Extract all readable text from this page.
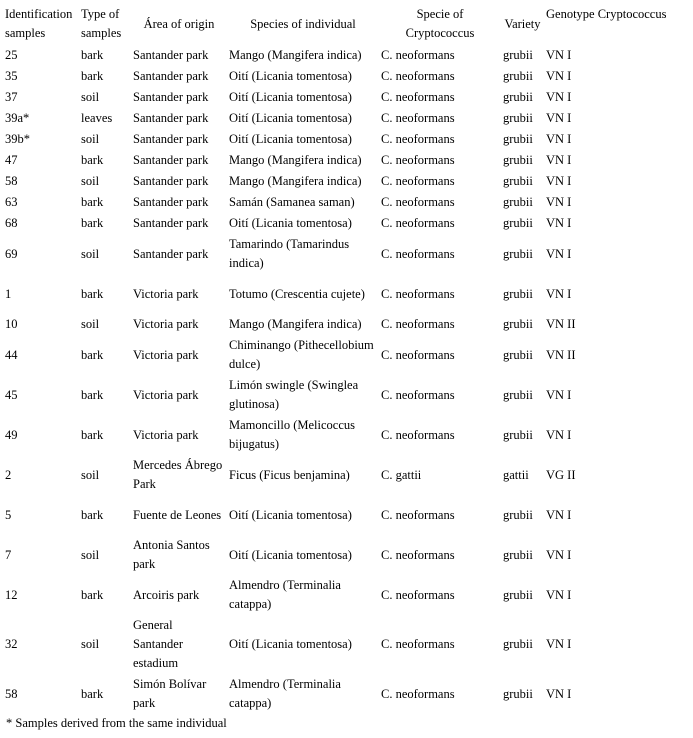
Identification samples	Type of samples	Área of origin	Species of individual	Specie of Cryptococcus	Variety	Genotype Cryptococcus
25	bark	Santander park	Mango (Mangifera indica)	C. neoformans	grubii	VN I
35	bark	Santander park	Oití (Licania tomentosa)	C. neoformans	grubii	VN I
37	soil	Santander park	Oití (Licania tomentosa)	C. neoformans	grubii	VN I
39a*	leaves	Santander park	Oití (Licania tomentosa)	C. neoformans	grubii	VN I
39b*	soil	Santander park	Oití (Licania tomentosa)	C. neoformans	grubii	VN I
47	bark	Santander park	Mango (Mangifera indica)	C. neoformans	grubii	VN I
58	soil	Santander park	Mango (Mangifera indica)	C. neoformans	grubii	VN I
63	bark	Santander park	Samán (Samanea saman)	C. neoformans	grubii	VN I
68	bark	Santander park	Oití (Licania tomentosa)	C. neoformans	grubii	VN I
69	soil	Santander park	Tamarindo (Tamarindus indica)	C. neoformans	grubii	VN I
1	bark	Victoria park	Totumo (Crescentia cujete)	C. neoformans	grubii	VN I
10	soil	Victoria park	Mango (Mangifera indica)	C. neoformans	grubii	VN II
44	bark	Victoria park	Chiminango (Pithecellobium dulce)	C. neoformans	grubii	VN II
45	bark	Victoria park	Limón swingle (Swinglea glutinosa)	C. neoformans	grubii	VN I
49	bark	Victoria park	Mamoncillo (Melicoccus bijugatus)	C. neoformans	grubii	VN I
2	soil	Mercedes Ábrego Park	Ficus (Ficus benjamina)	C. gattii	gattii	VG II
5	bark	Fuente de Leones	Oití (Licania tomentosa)	C. neoformans	grubii	VN I
7	soil	Antonia Santos park	Oití (Licania tomentosa)	C. neoformans	grubii	VN I
12	bark	Arcoiris park	Almendro (Terminalia catappa)	C. neoformans	grubii	VN I
32	soil	General Santander estadium	Oití (Licania tomentosa)	C. neoformans	grubii	VN I
58	bark	Simón Bolívar park	Almendro (Terminalia catappa)	C. neoformans	grubii	VN I
* Samples derived from the same individual
